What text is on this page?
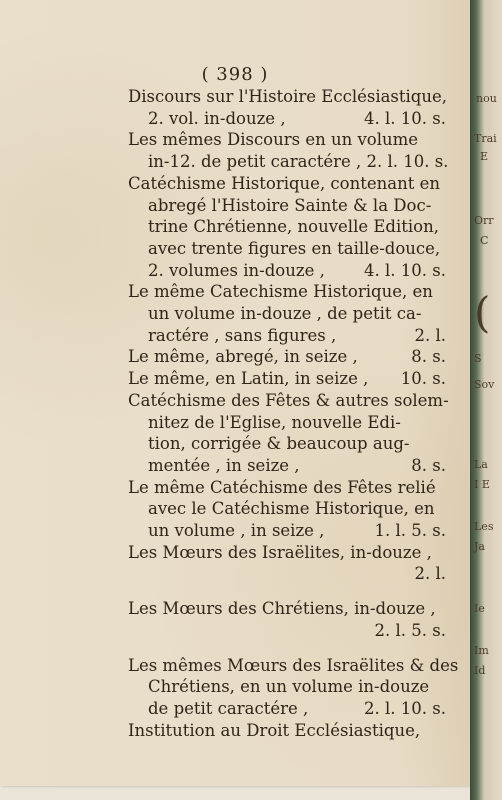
( 398 )
Discours sur l'Histoire Ecclésiastique,
2. vol. in-douze ,	4. l. 10. s.
Les mêmes Discours en un volume
in-12. de petit caractére , 2. l. 10. s.
Catéchisme Historique, contenant en
abregé l'Histoire Sainte & la Doc-
trine Chrétienne, nouvelle Edition,
avec trente figures en taille-douce,
2. volumes in-douze , 4. l. 10. s.
Le même Catechisme Historique, en
un volume in-douze , de petit ca-
ractére , sans figures ,	2. l.
Le même, abregé, in seize ,	8. s.
Le même, en Latin, in seize , 10. s.
Catéchisme des Fêtes & autres solem-
nitez de l'Eglise, nouvelle Edi-
tion, corrigée & beaucoup aug-
mentée , in seize ,	8. s.
Le même Catéchisme des Fêtes relié
avec le Catéchisme Historique, en
un volume , in seize ,	1. l. 5. s.
Les Mœurs des Israëlites, in-douze ,
2. l.
Les Mœurs des Chrétiens, in-douze ,
2. l. 5. s.
Les mêmes Mœurs des Israëlites & des
Chrétiens, en un volume in-douze
de petit caractére ,	2. l. 10. s.
Institution au Droit Ecclésiastique,
nou
Trai
E
Orr
C
(
S
Sov
La
I E
Les
Ja
Ie
Im
Id
